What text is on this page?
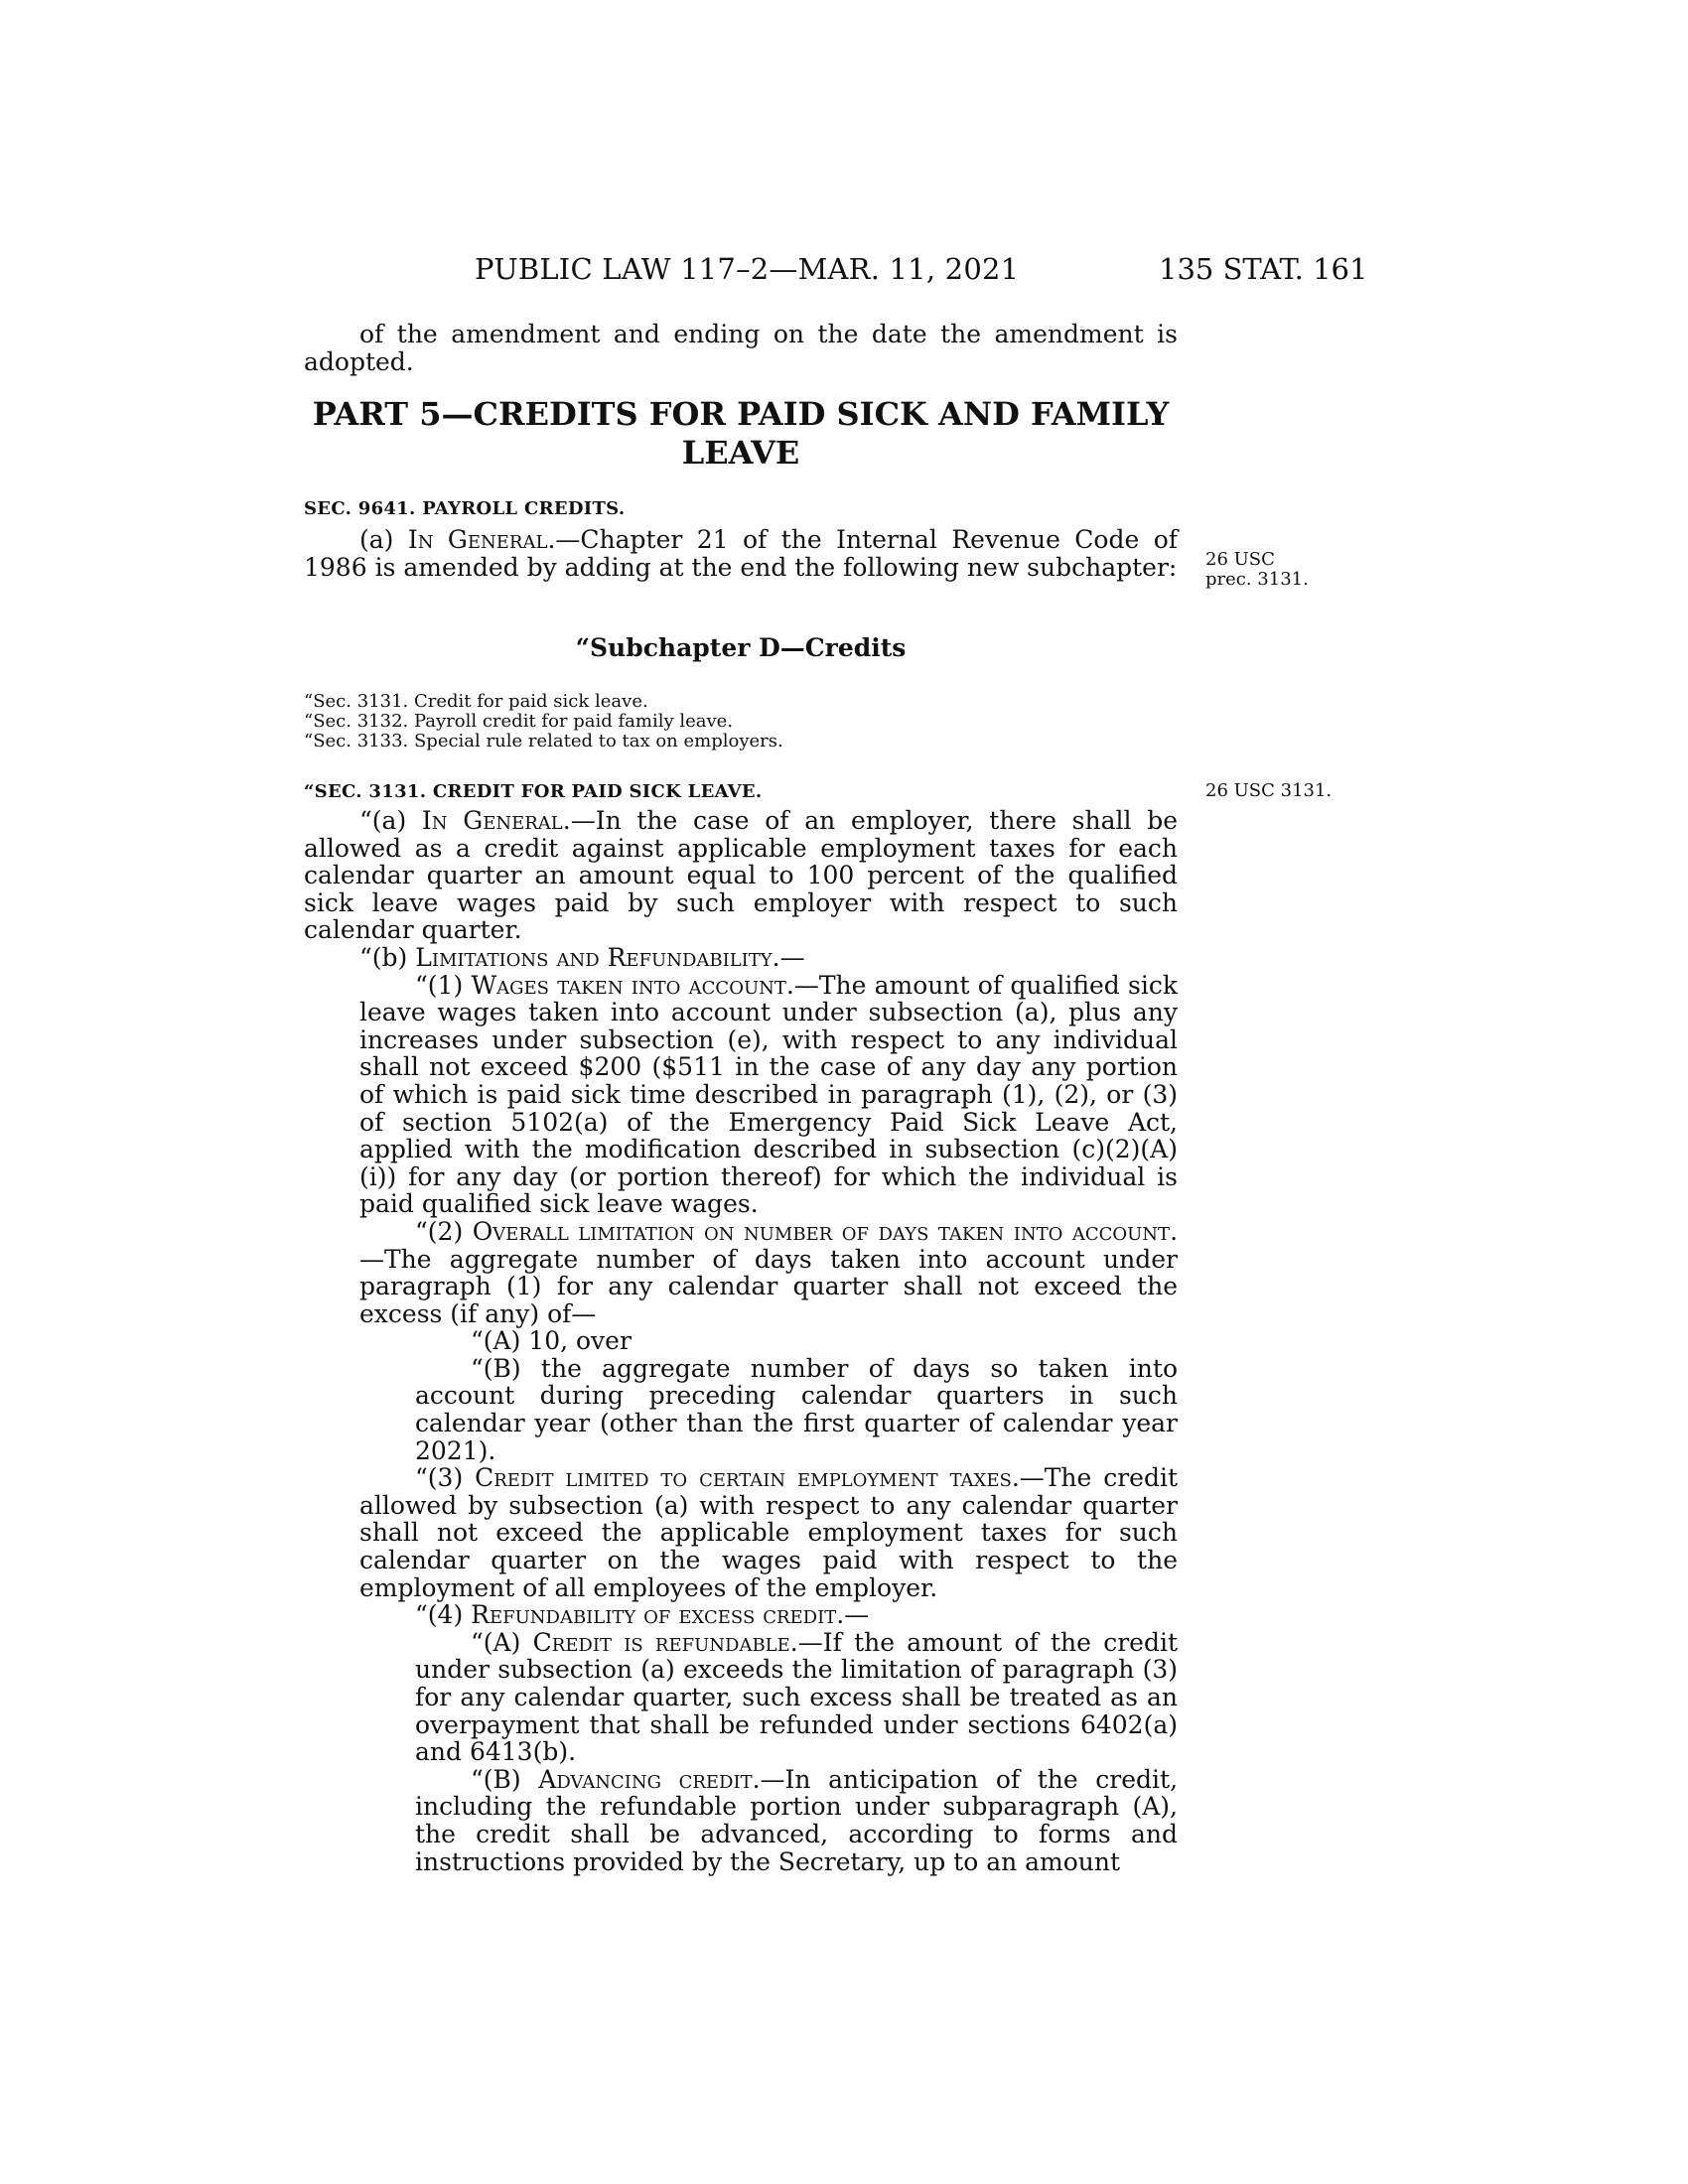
PUBLIC LAW 117–2—MAR. 11, 2021	135 STAT. 161

of the amendment and ending on the date the amendment is adopted.

PART 5—CREDITS FOR PAID SICK AND FAMILY LEAVE
SEC. 9641. PAYROLL CREDITS.

(a) In General.—Chapter 21 of the Internal Revenue Code of 1986 is amended by adding at the end the following new subchapter: 26 USC
prec. 3131.
“Subchapter D—Credits
“Sec. 3131. Credit for paid sick leave.
“Sec. 3132. Payroll credit for paid family leave.
“Sec. 3133. Special rule related to tax on employers.
“SEC. 3131. CREDIT FOR PAID SICK LEAVE.	26 USC 3131.

“(a) In General.—In the case of an employer, there shall be allowed as a credit against applicable employment taxes for each calendar quarter an amount equal to 100 percent of the qualified sick leave wages paid by such employer with respect to such calendar quarter.

“(b) Limitations and Refundability.—

“(1) Wages taken into account.—The amount of qualified sick leave wages taken into account under subsection (a), plus any increases under subsection (e), with respect to any individual shall not exceed $200 ($511 in the case of any day any portion of which is paid sick time described in paragraph (1), (2), or (3) of section 5102(a) of the Emergency Paid Sick Leave Act, applied with the modification described in subsection (c)(2)(A)(i)) for any day (or portion thereof) for which the individual is paid qualified sick leave wages.

“(2) Overall limitation on number of days taken into account.—The aggregate number of days taken into account under paragraph (1) for any calendar quarter shall not exceed the excess (if any) of—

“(A) 10, over

“(B) the aggregate number of days so taken into account during preceding calendar quarters in such calendar year (other than the first quarter of calendar year 2021).

“(3) Credit limited to certain employment taxes.—The credit allowed by subsection (a) with respect to any calendar quarter shall not exceed the applicable employment taxes for such calendar quarter on the wages paid with respect to the employment of all employees of the employer.

“(4) Refundability of excess credit.—

“(A) Credit is refundable.—If the amount of the credit under subsection (a) exceeds the limitation of paragraph (3) for any calendar quarter, such excess shall be treated as an overpayment that shall be refunded under sections 6402(a) and 6413(b).

“(B) Advancing credit.—In anticipation of the credit, including the refundable portion under subparagraph (A), the credit shall be advanced, according to forms and instructions provided by the Secretary, up to an amount
